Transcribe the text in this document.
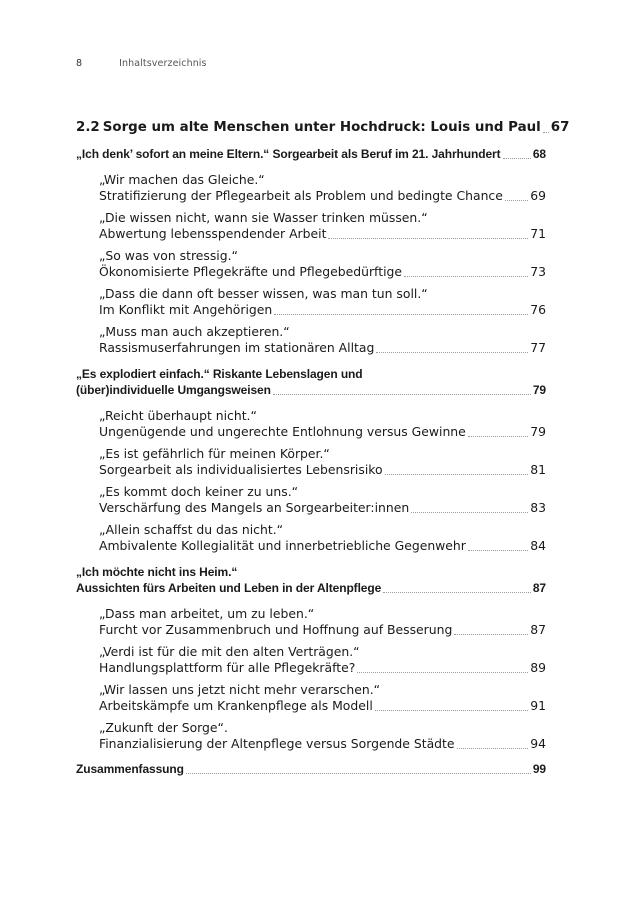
8	Inhaltsverzeichnis
2.2 Sorge um alte Menschen unter Hochdruck: Louis und Paul 67
„Ich denk’ sofort an meine Eltern.“ Sorgearbeit als Beruf im 21. Jahrhundert	68
„Wir machen das Gleiche.“
Stratifizierung der Pflegearbeit als Problem und bedingte Chance 69
„Die wissen nicht, wann sie Wasser trinken müssen.“
Abwertung lebensspendender Arbeit	71
„So was von stressig.“
Ökonomisierte Pflegekräfte und Pflegebedürftige	73
„Dass die dann oft besser wissen, was man tun soll.“
Im Konflikt mit Angehörigen	76
„Muss man auch akzeptieren.“
Rassismuserfahrungen im stationären Alltag	77
„Es explodiert einfach.“ Riskante Lebenslagen und
(über)individuelle Umgangsweisen	79
„Reicht überhaupt nicht.“
Ungenügende und ungerechte Entlohnung versus Gewinne	79
„Es ist gefährlich für meinen Körper.“
Sorgearbeit als individualisiertes Lebensrisiko	81
„Es kommt doch keiner zu uns.“
Verschärfung des Mangels an Sorgearbeiter:innen	83
„Allein schaffst du das nicht.“
Ambivalente Kollegialität und innerbetriebliche Gegenwehr	84
„Ich möchte nicht ins Heim.“
Aussichten fürs Arbeiten und Leben in der Altenpflege	87
„Dass man arbeitet, um zu leben.“
Furcht vor Zusammenbruch und Hoffnung auf Besserung	87
„Verdi ist für die mit den alten Verträgen.“
Handlungsplattform für alle Pflegekräfte?	89
„Wir lassen uns jetzt nicht mehr verarschen.“
Arbeitskämpfe um Krankenpflege als Modell	91
„Zukunft der Sorge“.
Finanzialisierung der Altenpflege versus Sorgende Städte	94
Zusammenfassung	99
